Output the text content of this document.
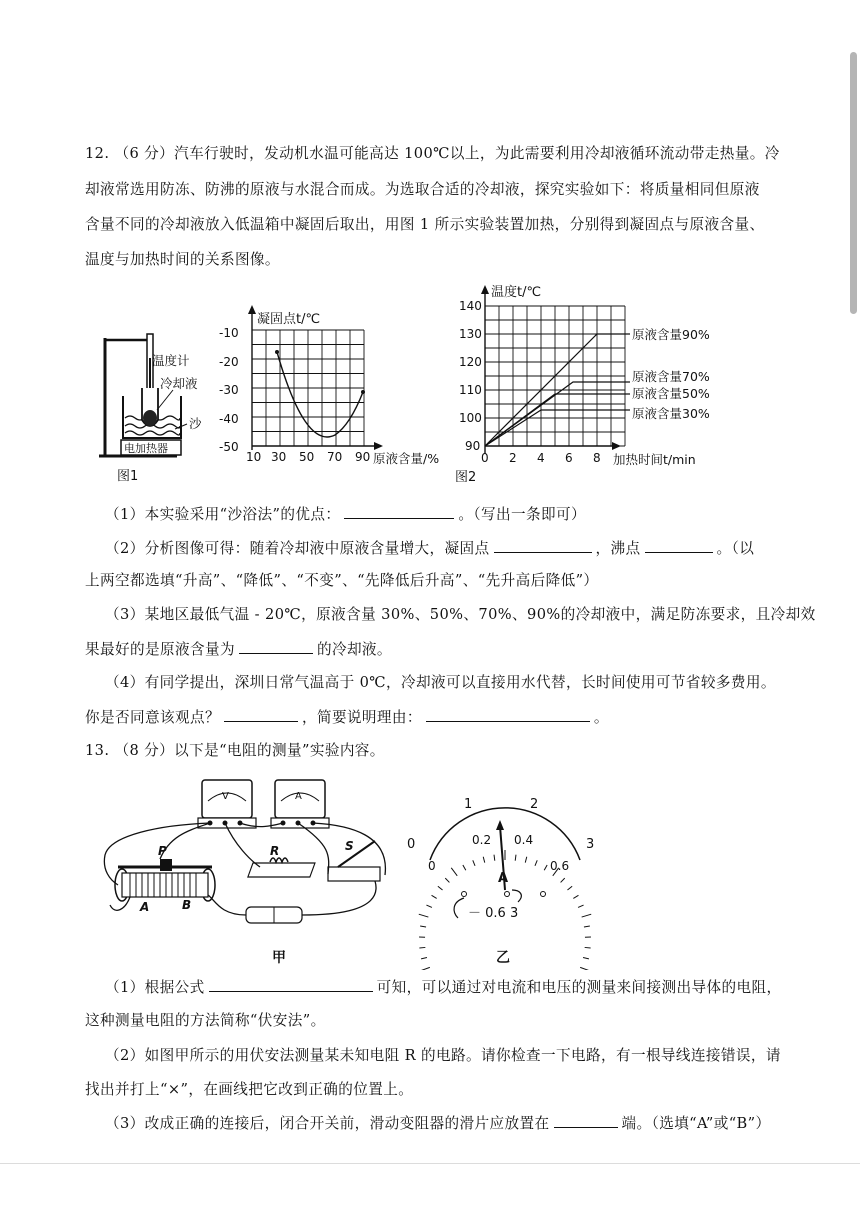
12. （6 分）汽车行驶时，发动机水温可能高达 100℃以上，为此需要利用冷却液循环流动带走热量。冷
却液常选用防冻、防沸的原液与水混合而成。为选取合适的冷却液，探究实验如下：将质量相同但原液
含量不同的冷却液放入低温箱中凝固后取出，用图 1 所示实验装置加热，分别得到凝固点与原液含量、
温度与加热时间的关系图像。
电加热器
温度计
冷却液
沙
图1
凝固点t/℃
原液含量/%
-10
-20
-30
-40
-50
10 30 50 70 90
温度t/℃
加热时间t/min
140
130
120
110
100
90
0 2 4 6 8
原液含量90%
原液含量70%
原液含量50%
原液含量30%
图2
（1）本实验采用“沙浴法”的优点：	。（写出一条即可）
（2）分析图像可得：随着冷却液中原液含量增大，凝固点	，沸点	。（以
上两空都选填“升高”、“降低”、“不变”、“先降低后升高”、“先升高后降低”）
（3）某地区最低气温 - 20℃，原液含量 30%、50%、70%、90%的冷却液中，满足防冻要求，且冷却效
果最好的是原液含量为	的冷却液。
（4）有同学提出，深圳日常气温高于 0℃，冷却液可以直接用水代替，长时间使用可节省较多费用。
你是否同意该观点？	，简要说明理由：	。
13. （8 分）以下是“电阻的测量”实验内容。
V	A
R	S
P
A	B
甲
0
1	2
3
0
0.2 0.4
0.6
A
－ 0.6 3
乙
（1）根据公式	可知，可以通过对电流和电压的测量来间接测出导体的电阻，
这种测量电阻的方法简称“伏安法”。
（2）如图甲所示的用伏安法测量某未知电阻 R 的电路。请你检查一下电路，有一根导线连接错误，请
找出并打上“×”，在画线把它改到正确的位置上。
（3）改成正确的连接后，闭合开关前，滑动变阻器的滑片应放置在	端。（选填“A”或“B”）
